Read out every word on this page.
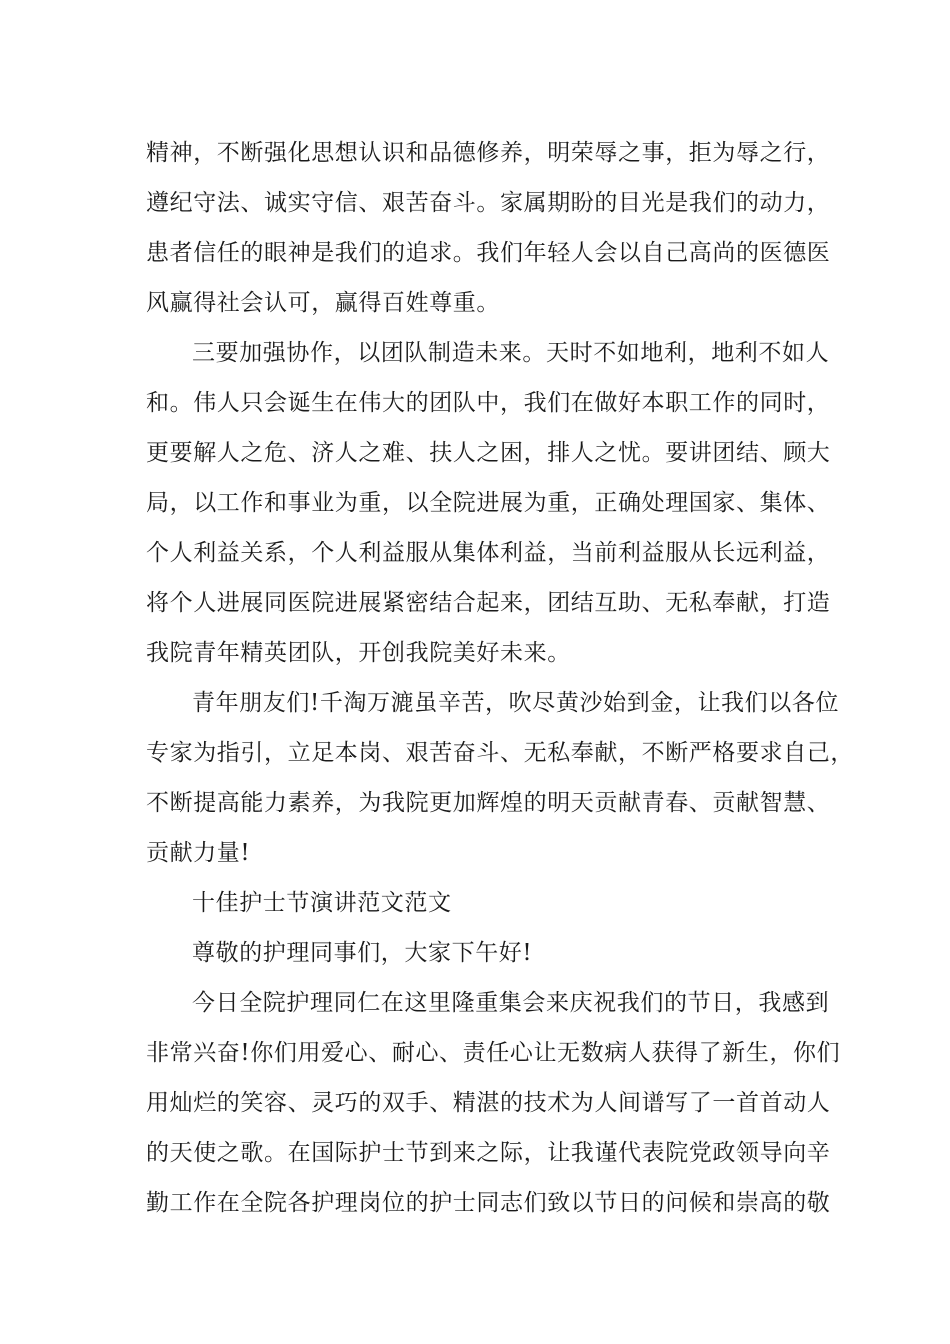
精神，不断强化思想认识和品德修养，明荣辱之事，拒为辱之行，
遵纪守法、诚实守信、艰苦奋斗。家属期盼的目光是我们的动力，
患者信任的眼神是我们的追求。我们年轻人会以自己高尚的医德医
风赢得社会认可，赢得百姓尊重。
三要加强协作，以团队制造未来。天时不如地利，地利不如人
和。伟人只会诞生在伟大的团队中，我们在做好本职工作的同时，
更要解人之危、济人之难、扶人之困，排人之忧。要讲团结、顾大
局，以工作和事业为重，以全院进展为重，正确处理国家、集体、
个人利益关系，个人利益服从集体利益，当前利益服从长远利益，
将个人进展同医院进展紧密结合起来，团结互助、无私奉献，打造
我院青年精英团队，开创我院美好未来。
青年朋友们!千淘万漉虽辛苦，吹尽黄沙始到金，让我们以各位
专家为指引，立足本岗、艰苦奋斗、无私奉献，不断严格要求自己，
不断提高能力素养，为我院更加辉煌的明天贡献青春、贡献智慧、
贡献力量!
十佳护士节演讲范文范文
尊敬的护理同事们，大家下午好!
今日全院护理同仁在这里隆重集会来庆祝我们的节日，我感到
非常兴奋!你们用爱心、耐心、责任心让无数病人获得了新生，你们
用灿烂的笑容、灵巧的双手、精湛的技术为人间谱写了一首首动人
的天使之歌。在国际护士节到来之际，让我谨代表院党政领导向辛
勤工作在全院各护理岗位的护士同志们致以节日的问候和崇高的敬
